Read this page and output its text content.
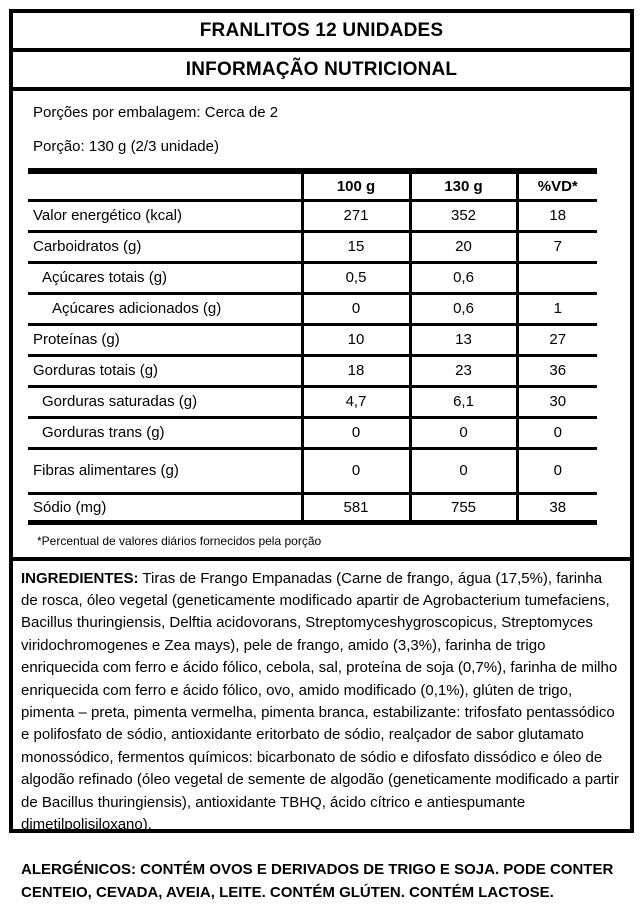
FRANLITOS 12 UNIDADES
INFORMAÇÃO NUTRICIONAL
Porções por embalagem: Cerca de 2
Porção: 130 g (2/3 unidade)
	100 g	130 g	%VD*
Valor energético (kcal)	271	352	18
Carboidratos (g)	15	20	7
Açúcares totais (g)	0,5	0,6	
Açúcares adicionados (g)	0	0,6	1
Proteínas (g)	10	13	27
Gorduras totais (g)	18	23	36
Gorduras saturadas (g)	4,7	6,1	30
Gorduras trans (g)	0	0	0
Fibras alimentares (g)	0	0	0
Sódio (mg)	581	755	38
*Percentual de valores diários fornecidos pela porção

INGREDIENTES: Tiras de Frango Empanadas (Carne de frango, água (17,5%), farinha de rosca, óleo vegetal (geneticamente modificado apartir de Agrobacterium tumefaciens, Bacillus thuringiensis, Delftia acidovorans, Streptomyceshygroscopicus, Streptomyces viridochromogenes e Zea mays), pele de frango, amido (3,3%), farinha de trigo enriquecida com ferro e ácido fólico, cebola, sal, proteína de soja (0,7%), farinha de milho enriquecida com ferro e ácido fólico, ovo, amido modificado (0,1%), glúten de trigo, pimenta – preta, pimenta vermelha, pimenta branca, estabilizante: trifosfato pentassódico e polifosfato de sódio, antioxidante eritorbato de sódio, realçador de sabor glutamato monossódico, fermentos químicos: bicarbonato de sódio e difosfato dissódico e óleo de algodão refinado (óleo vegetal de semente de algodão (geneticamente modificado a partir de Bacillus thuringiensis), antioxidante TBHQ, ácido cítrico e antiespumante dimetilpolisiloxano).

ALERGÉNICOS: CONTÉM OVOS E DERIVADOS DE TRIGO E SOJA. PODE CONTER CENTEIO, CEVADA, AVEIA, LEITE. CONTÉM GLÚTEN. CONTÉM LACTOSE.
